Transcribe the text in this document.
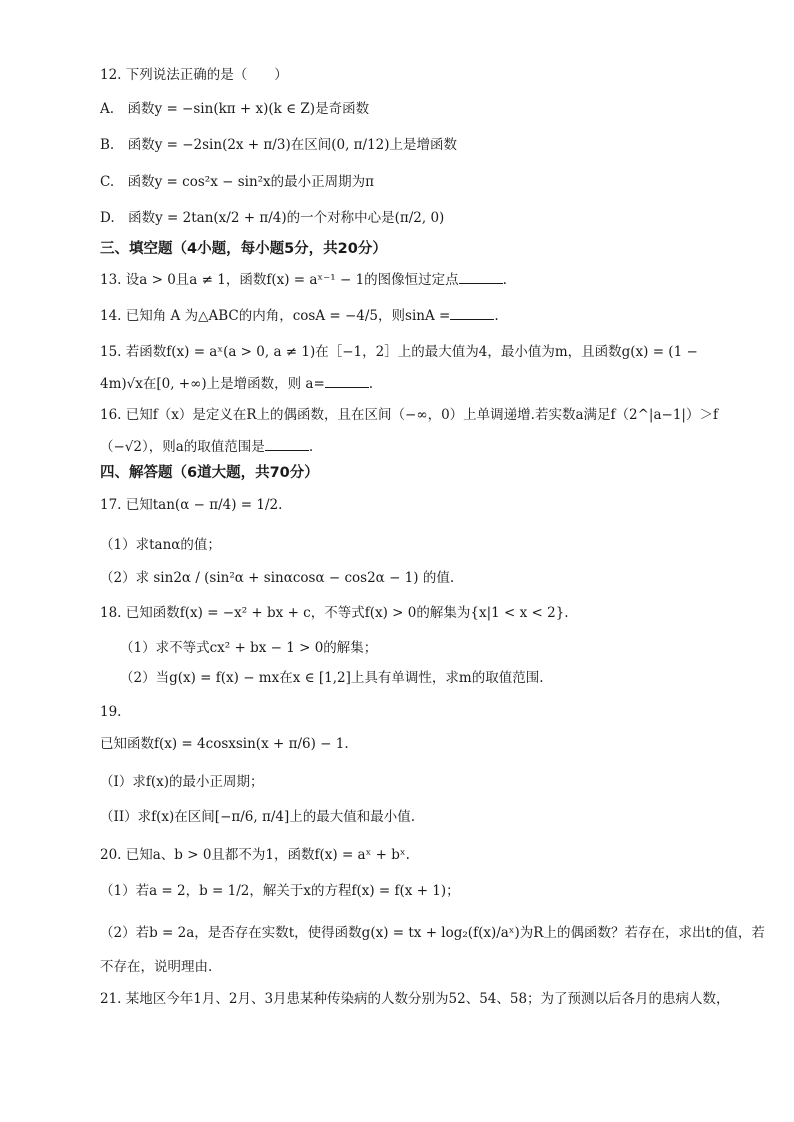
12. 下列说法正确的是（　　）
A.　函数y = −sin(kπ + x)(k ∈ Z)是奇函数
B.　函数y = −2sin(2x + π/3)在区间(0, π/12)上是增函数
C.　函数y = cos²x − sin²x的最小正周期为π
D.　函数y = 2tan(x/2 + π/4)的一个对称中心是(π/2, 0)
三、填空题（4小题，每小题5分，共20分）
13. 设a > 0且a ≠ 1，函数f(x) = aˣ⁻¹ − 1的图像恒过定点	.
14. 已知角 A 为△ABC的内角，cosA = −4/5，则sinA =	.
15. 若函数f(x) = aˣ(a > 0, a ≠ 1)在［−1，2］上的最大值为4，最小值为m，且函数g(x) = (1 −
4m)√x在[0, +∞)上是增函数，则 a=	.
16. 已知f（x）是定义在R上的偶函数，且在区间（−∞，0）上单调递增.若实数a满足f（2^|a−1|）＞f
（−√2），则a的取值范围是	.
四、解答题（6道大题，共70分）
17. 已知tan(α − π/4) = 1/2.
（1）求tanα的值；
（2）求 sin2α / (sin²α + sinαcosα − cos2α − 1) 的值.
18. 已知函数f(x) = −x² + bx + c，不等式f(x) > 0的解集为{x|1 < x < 2}.
（1）求不等式cx² + bx − 1 > 0的解集；
（2）当g(x) = f(x) − mx在x ∈ [1,2]上具有单调性，求m的取值范围.
19.
已知函数f(x) = 4cosxsin(x + π/6) − 1.
（I）求f(x)的最小正周期；
（II）求f(x)在区间[−π/6, π/4]上的最大值和最小值.
20. 已知a、b > 0且都不为1，函数f(x) = aˣ + bˣ.
（1）若a = 2，b = 1/2，解关于x的方程f(x) = f(x + 1)；
（2）若b = 2a，是否存在实数t，使得函数g(x) = tx + log₂(f(x)/aˣ)为R上的偶函数？若存在，求出t的值，若
不存在，说明理由.
21. 某地区今年1月、2月、3月患某种传染病的人数分别为52、54、58；为了预测以后各月的患病人数，
